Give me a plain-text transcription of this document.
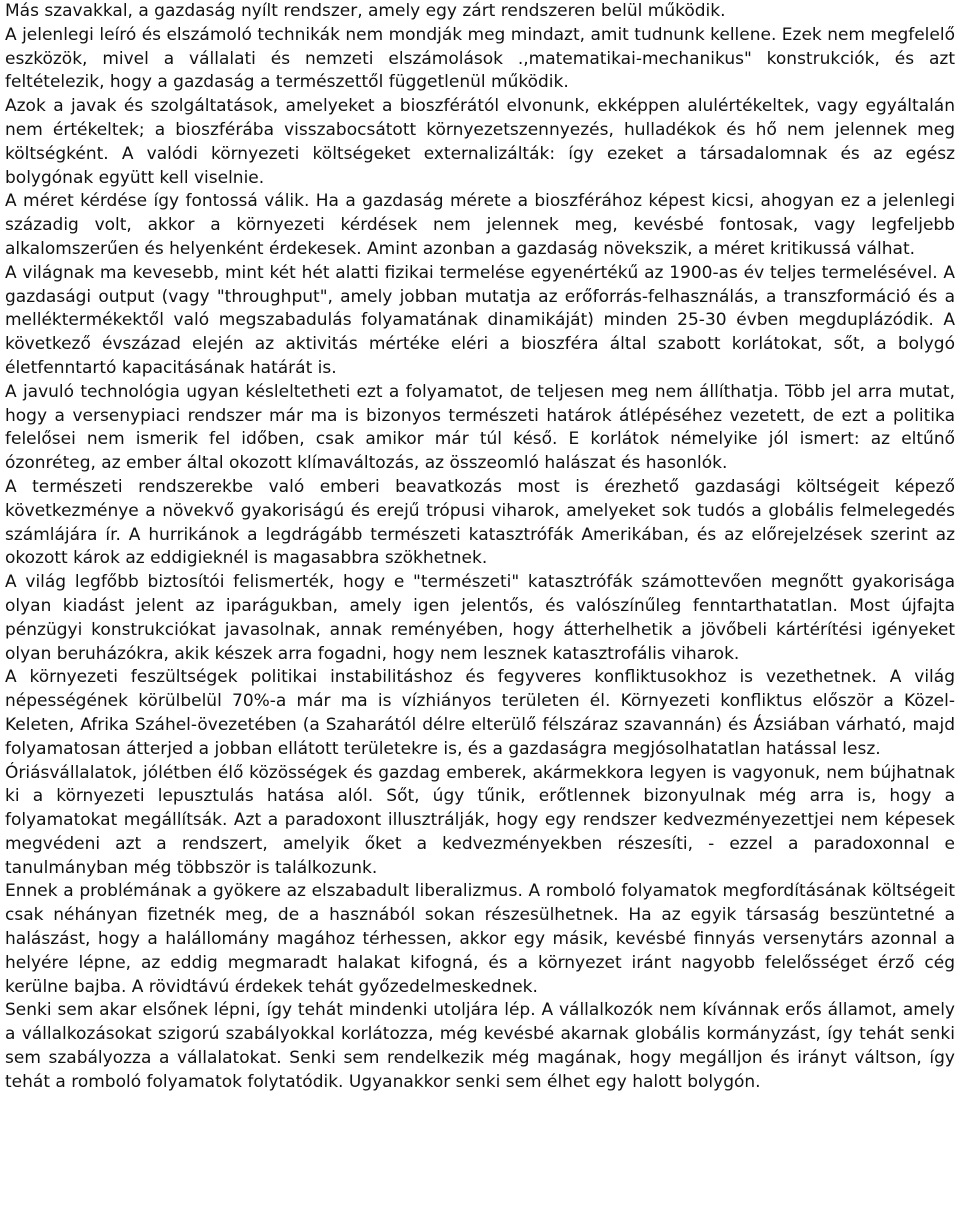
Más szavakkal, a gazdaság nyílt rendszer, amely egy zárt rendszeren belül működik.

A jelenlegi leíró és elszámoló technikák nem mondják meg mindazt, amit tudnunk kellene. Ezek nem megfelelő eszközök, mivel a vállalati és nemzeti elszámolások .,matematikai-mechanikus" konstrukciók, és azt feltételezik, hogy a gazdaság a természettől függetlenül működik.

Azok a javak és szolgáltatások, amelyeket a bioszférától elvonunk, ekképpen alulértékeltek, vagy egyáltalán nem értékeltek; a bioszférába visszabocsátott környezetszennyezés, hulladékok és hő nem jelennek meg költségként. A valódi környezeti költségeket externalizálták: így ezeket a társadalomnak és az egész bolygónak együtt kell viselnie.

A méret kérdése így fontossá válik. Ha a gazdaság mérete a bioszférához képest kicsi, ahogyan ez a jelenlegi századig volt, akkor a környezeti kérdések nem jelennek meg, kevésbé fontosak, vagy legfeljebb alkalomszerűen és helyenként érdekesek. Amint azonban a gazdaság növekszik, a méret kritikussá válhat.

A világnak ma kevesebb, mint két hét alatti fizikai termelése egyenértékű az 1900-as év teljes termelésével. A gazdasági output (vagy "throughput", amely jobban mutatja az erőforrás-felhasználás, a transzformáció és a melléktermékektől való megszabadulás folyamatának dinamikáját) minden 25-30 évben megduplázódik. A következő évszázad elején az aktivitás mértéke eléri a bioszféra által szabott korlátokat, sőt, a bolygó életfenntartó kapacitásának határát is.

A javuló technológia ugyan késleltetheti ezt a folyamatot, de teljesen meg nem állíthatja. Több jel arra mutat, hogy a versenypiaci rendszer már ma is bizonyos természeti határok átlépéséhez vezetett, de ezt a politika felelősei nem ismerik fel időben, csak amikor már túl késő. E korlátok némelyike jól ismert: az eltűnő ózonréteg, az ember által okozott klímaváltozás, az összeomló halászat és hasonlók.

A természeti rendszerekbe való emberi beavatkozás most is érezhető gazdasági költségeit képező következménye a növekvő gyakoriságú és erejű trópusi viharok, amelyeket sok tudós a globális felmelegedés számlájára ír. A hurrikánok a legdrágább természeti katasztrófák Amerikában, és az előrejelzések szerint az okozott károk az eddigieknél is magasabbra szökhetnek.

A világ legfőbb biztosítói felismerték, hogy e "természeti" katasztrófák számottevően megnőtt gyakorisága olyan kiadást jelent az iparágukban, amely igen jelentős, és valószínűleg fenntarthatatlan. Most újfajta pénzügyi konstrukciókat javasolnak, annak reményében, hogy átterhelhetik a jövőbeli kártérítési igényeket olyan beruházókra, akik készek arra fogadni, hogy nem lesznek katasztrofális viharok.

A környezeti feszültségek politikai instabilitáshoz és fegyveres konfliktusokhoz is vezethetnek. A világ népességének körülbelül 70%-a már ma is vízhiányos területen él. Környezeti konfliktus először a Közel-Keleten, Afrika Száhel-övezetében (a Szaharától délre elterülő félszáraz szavannán) és Ázsiában várható, majd folyamatosan átterjed a jobban ellátott területekre is, és a gazdaságra megjósolhatatlan hatással lesz.

Óriásvállalatok, jólétben élő közösségek és gazdag emberek, akármekkora legyen is vagyonuk, nem bújhatnak ki a környezeti lepusztulás hatása alól. Sőt, úgy tűnik, erőtlennek bizonyulnak még arra is, hogy a folyamatokat megállítsák. Azt a paradoxont illusztrálják, hogy egy rendszer kedvezményezettjei nem képesek megvédeni azt a rendszert, amelyik őket a kedvezményekben részesíti, - ezzel a paradoxonnal e tanulmányban még többször is találkozunk.

Ennek a problémának a gyökere az elszabadult liberalizmus. A romboló folyamatok megfordításának költségeit csak néhányan fizetnék meg, de a hasznából sokan részesülhetnek. Ha az egyik társaság beszüntetné a halászást, hogy a halállomány magához térhessen, akkor egy másik, kevésbé finnyás versenytárs azonnal a helyére lépne, az eddig megmaradt halakat kifogná, és a környezet iránt nagyobb felelősséget érző cég kerülne bajba. A rövidtávú érdekek tehát győzedelmeskednek.

Senki sem akar elsőnek lépni, így tehát mindenki utoljára lép. A vállalkozók nem kívánnak erős államot, amely a vállalkozásokat szigorú szabályokkal korlátozza, még kevésbé akarnak globális kormányzást, így tehát senki sem szabályozza a vállalatokat. Senki sem rendelkezik még magának, hogy megálljon és irányt váltson, így tehát a romboló folyamatok folytatódik. Ugyanakkor senki sem élhet egy halott bolygón.
